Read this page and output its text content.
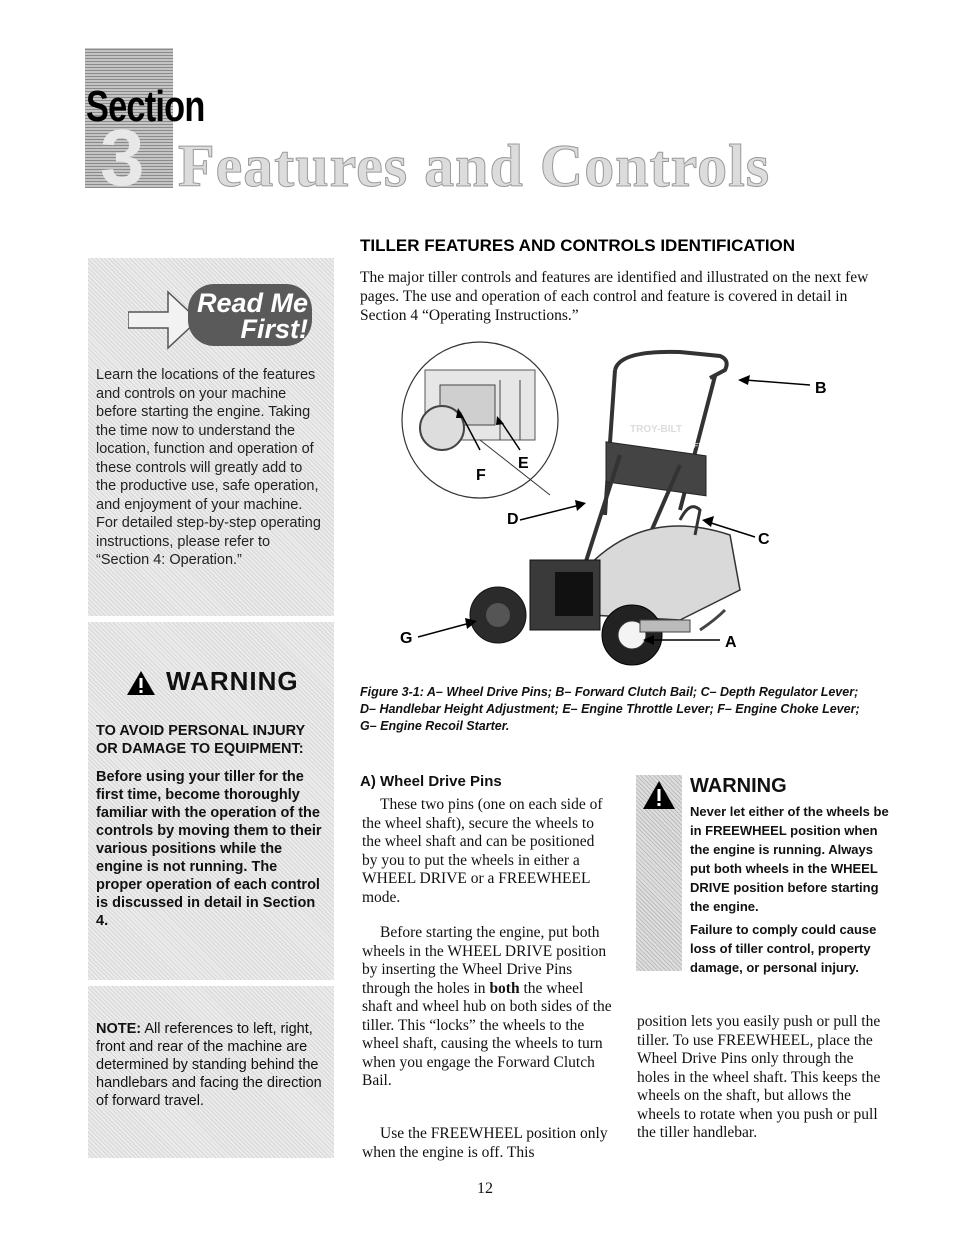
Section
3 Features and Controls
Read Me
First!
Learn the locations of the features and controls on your machine before starting the engine. Taking the time now to understand the location, function and operation of these controls will greatly add to the productive use, safe operation, and enjoyment of your machine. For detailed step-by-step operating instructions, please refer to “Section 4: Operation.”
WARNING
TO AVOID PERSONAL INJURY OR DAMAGE TO EQUIPMENT:
Before using your tiller for the first time, become thoroughly familiar with the operation of the controls by moving them to their various positions while the engine is not running. The proper operation of each control is discussed in detail in Section 4.
NOTE: All references to left, right, front and rear of the machine are determined by standing behind the handlebars and facing the direction of forward travel.
TILLER FEATURES AND CONTROLS IDENTIFICATION
The major tiller controls and features are identified and illustrated on the next few pages. The use and operation of each control and feature is covered in detail in Section 4 “Operating Instructions.”
TROY-BILT
TUFFY
B
C
D
G	A
F
E
Figure 3-1: A– Wheel Drive Pins; B– Forward Clutch Bail; C– Depth Regulator Lever; D– Handlebar Height Adjustment; E– Engine Throttle Lever; F– Engine Choke Lever; G– Engine Recoil Starter.
A) Wheel Drive Pins
These two pins (one on each side of the wheel shaft), secure the wheels to the wheel shaft and can be positioned by you to put the wheels in either a WHEEL DRIVE or a FREEWHEEL mode.
Before starting the engine, put both wheels in the WHEEL DRIVE position by inserting the Wheel Drive Pins through the holes in both the wheel shaft and wheel hub on both sides of the tiller. This “locks” the wheels to the wheel shaft, causing the wheels to turn when you engage the Forward Clutch Bail.
Use the FREEWHEEL position only when the engine is off. This
position lets you easily push or pull the tiller. To use FREEWHEEL, place the Wheel Drive Pins only through the holes in the wheel shaft. This keeps the wheels on the shaft, but allows the wheels to rotate when you push or pull the tiller handlebar.
WARNING
Never let either of the wheels be in FREEWHEEL position when the engine is running. Always put both wheels in the WHEEL DRIVE position before starting the engine.
Failure to comply could cause loss of tiller control, property damage, or personal injury.
12
